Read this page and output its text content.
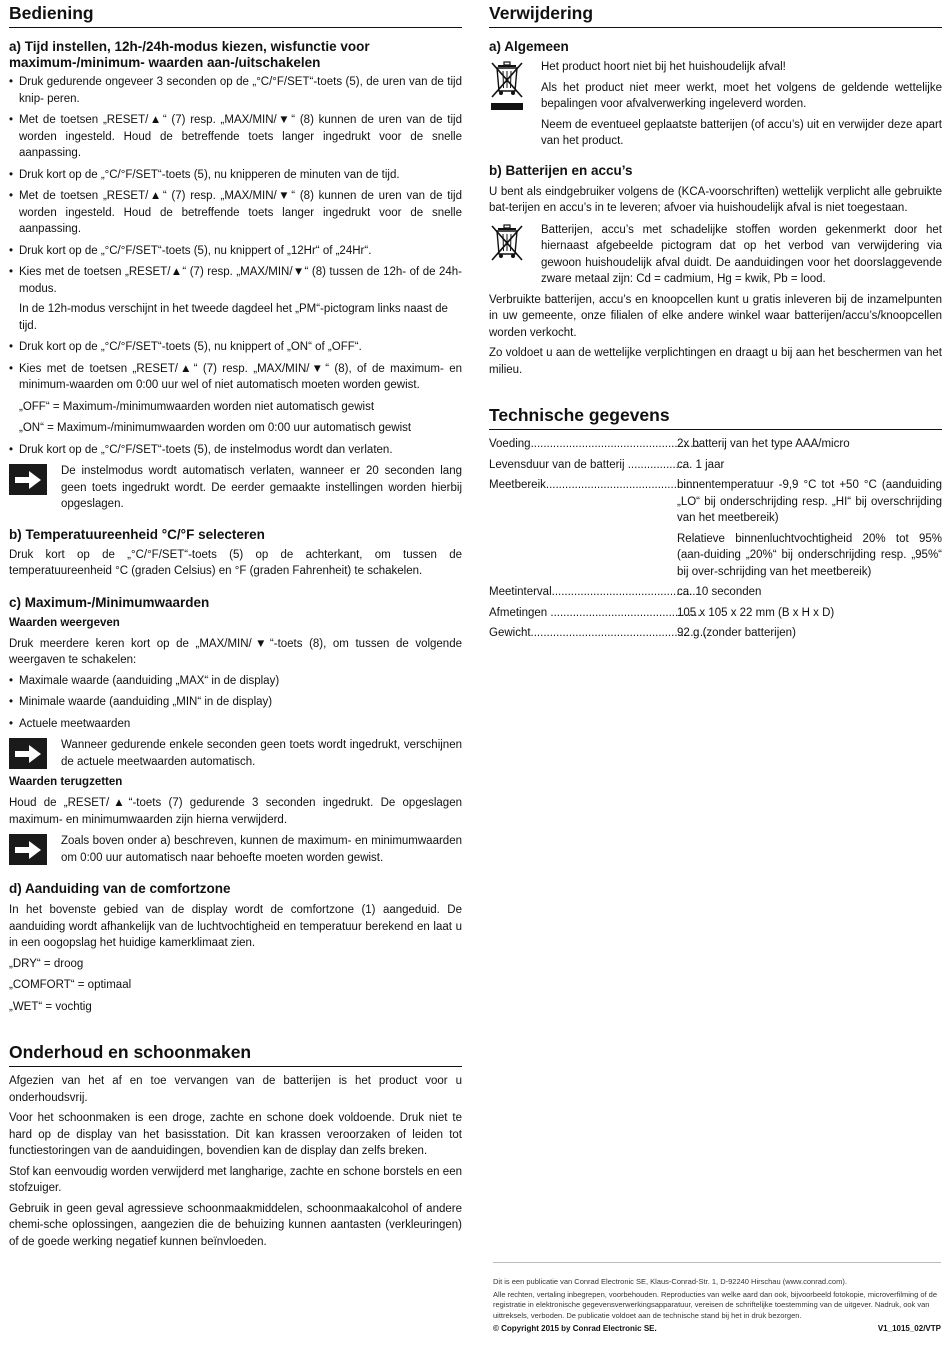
Bediening
a) Tijd instellen, 12h-/24h-modus kiezen, wisfunctie voor maximum-/minimum- waarden aan-/uitschakelen
• Druk gedurende ongeveer 3 seconden op de „°C/°F/SET“-toets (5), de uren van de tijd knip- peren.
• Met de toetsen „RESET/▲“ (7) resp. „MAX/MIN/▼“ (8) kunnen de uren van de tijd worden ingesteld. Houd de betreffende toets langer ingedrukt voor de snelle aanpassing.
• Druk kort op de „°C/°F/SET“-toets (5), nu knipperen de minuten van de tijd.
• Met de toetsen „RESET/▲“ (7) resp. „MAX/MIN/▼“ (8) kunnen de uren van de tijd worden ingesteld. Houd de betreffende toets langer ingedrukt voor de snelle aanpassing.
• Druk kort op de „°C/°F/SET“-toets (5), nu knippert of „12Hr“ of „24Hr“.
• Kies met de toetsen „RESET/▲“ (7) resp. „MAX/MIN/▼“ (8) tussen de 12h- of de 24h-modus.

In de 12h-modus verschijnt in het tweede dagdeel het „PM“-pictogram links naast de tijd.

• Druk kort op de „°C/°F/SET“-toets (5), nu knippert of „ON“ of „OFF“.
• Kies met de toetsen „RESET/▲“ (7) resp. „MAX/MIN/▼“ (8), of de maximum- en minimum-waarden om 0:00 uur wel of niet automatisch moeten worden gewist.

„OFF“ = Maximum-/minimumwaarden worden niet automatisch gewist

„ON“ = Maximum-/minimumwaarden worden om 0:00 uur automatisch gewist

• Druk kort op de „°C/°F/SET“-toets (5), de instelmodus wordt dan verlaten.
De instelmodus wordt automatisch verlaten, wanneer er 20 seconden lang geen toets ingedrukt wordt. De eerder gemaakte instellingen worden hierbij opgeslagen.
b) Temperatuureenheid °C/°F selecteren

Druk kort op de „°C/°F/SET“-toets (5) op de achterkant, om tussen de temperatuureenheid °C (graden Celsius) en °F (graden Fahrenheit) te schakelen.

c) Maximum-/Minimumwaarden
Waarden weergeven

Druk meerdere keren kort op de „MAX/MIN/▼“-toets (8), om tussen de volgende weergaven te schakelen:

• Maximale waarde (aanduiding „MAX“ in de display)
• Minimale waarde (aanduiding „MIN“ in de display)
• Actuele meetwaarden
Wanneer gedurende enkele seconden geen toets wordt ingedrukt, verschijnen de actuele meetwaarden automatisch.
Waarden terugzetten

Houd de „RESET/▲“-toets (7) gedurende 3 seconden ingedrukt. De opgeslagen maximum- en minimumwaarden zijn hierna verwijderd.

Zoals boven onder a) beschreven, kunnen de maximum- en minimumwaarden om 0:00 uur automatisch naar behoefte moeten worden gewist.
d) Aanduiding van de comfortzone

In het bovenste gebied van de display wordt de comfortzone (1) aangeduid. De aanduiding wordt afhankelijk van de luchtvochtigheid en temperatuur berekend en laat u in een oogopslag het huidige kamerklimaat zien.

„DRY“ = droog

„COMFORT“ = optimaal

„WET“ = vochtig

Onderhoud en schoonmaken

Afgezien van het af en toe vervangen van de batterijen is het product voor u onderhoudsvrij.

Voor het schoonmaken is een droge, zachte en schone doek voldoende. Druk niet te hard op de display van het basisstation. Dit kan krassen veroorzaken of leiden tot functiestoringen van de aanduidingen, bovendien kan de display dan zelfs breken.

Stof kan eenvoudig worden verwijderd met langharige, zachte en schone borstels en een stofzuiger.

Gebruik in geen geval agressieve schoonmaakmiddelen, schoonmaakalcohol of andere chemi-sche oplossingen, aangezien die de behuizing kunnen aantasten (verkleuringen) of de goede werking negatief kunnen beïnvloeden.

Verwijdering
a) Algemeen

Het product hoort niet bij het huishoudelijk afval!

Als het product niet meer werkt, moet het volgens de geldende wettelijke bepalingen voor afvalverwerking ingeleverd worden.

Neem de eventueel geplaatste batterijen (of accu’s) uit en verwijder deze apart van het product.

b) Batterijen en accu’s

U bent als eindgebruiker volgens de (KCA-voorschriften) wettelijk verplicht alle gebruikte bat-terijen en accu’s in te leveren; afvoer via huishoudelijk afval is niet toegestaan.

Batterijen, accu’s met schadelijke stoffen worden gekenmerkt door het hiernaast afgebeelde pictogram dat op het verbod van verwijdering via gewoon huishoudelijk afval duidt. De aanduidingen voor het doorslaggevende zware metaal zijn: Cd = cadmium, Hg = kwik, Pb = lood.

Verbruikte batterijen, accu’s en knoopcellen kunt u gratis inleveren bij de inzamelpunten in uw gemeente, onze filialen of elke andere winkel waar batterijen/accu’s/knoopcellen worden verkocht.

Zo voldoet u aan de wettelijke verplichtingen en draagt u bij aan het beschermen van het milieu.

Technische gegevens
Voeding.....................................................
2x batterij van het type AAA/micro
Levensduur van de batterij ..................
ca. 1 jaar
Meetbereik...............................................
binnentemperatuur -9,9 °C tot +50 °C (aanduiding „LO“ bij onderschrijding resp. „HI“ bij overschrijding van het meetbereik)
Relatieve binnenluchtvochtigheid 20% tot 95% (aan-duiding „20%“ bij onderschrijding resp. „95%“ bij over-schrijding van het meetbereik)
Meetinterval..............................................
ca. 10 seconden
Afmetingen ...............................................
105 x 105 x 22 mm (B x H x D)
Gewicht.......................................................
92 g (zonder batterijen)

Dit is een publicatie van Conrad Electronic SE, Klaus-Conrad-Str. 1, D-92240 Hirschau (www.conrad.com).

Alle rechten, vertaling inbegrepen, voorbehouden. Reproducties van welke aard dan ook, bijvoorbeeld fotokopie, microverfilming of de registratie in elektronische gegevensverwerkingsapparatuur, vereisen de schriftelijke toestemming van de uitgever. Nadruk, ook van uittreksels, verboden. De publicatie voldoet aan de technische stand bij het in druk bezorgen.

© Copyright 2015 by Conrad Electronic SE.	V1_1015_02/VTP
